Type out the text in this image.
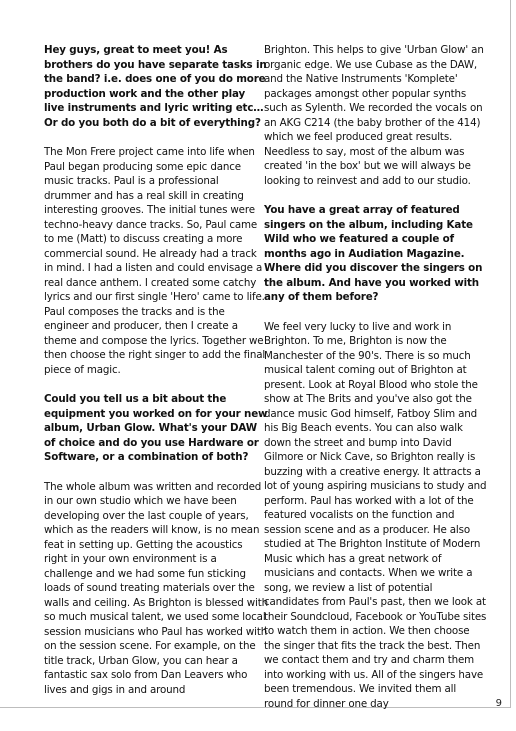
Hey guys, great to meet you! As brothers do you have separate tasks in the band? i.e. does one of you do more production work and the other play live instruments and lyric writing etc… Or do you both do a bit of everything?

The Mon Frere project came into life when Paul began producing some epic dance music tracks. Paul is a professional drummer and has a real skill in creating interesting grooves. The initial tunes were techno-heavy dance tracks. So, Paul came to me (Matt) to discuss creating a more commercial sound. He already had a track in mind. I had a listen and could envisage a real dance anthem. I created some catchy lyrics and our first single 'Hero' came to life. Paul composes the tracks and is the engineer and producer, then I create a theme and compose the lyrics. Together we then choose the right singer to add the final piece of magic.

Could you tell us a bit about the equipment you worked on for your new album, Urban Glow. What's your DAW of choice and do you use Hardware or Software, or a combination of both?

The whole album was written and recorded in our own studio which we have been developing over the last couple of years, which as the readers will know, is no mean feat in setting up. Getting the acoustics right in your own environment is a challenge and we had some fun sticking loads of sound treating materials over the walls and ceiling. As Brighton is blessed with so much musical talent, we used some local session musicians who Paul has worked with on the session scene. For example, on the title track, Urban Glow, you can hear a fantastic sax solo from Dan Leavers who lives and gigs in and around

Brighton. This helps to give 'Urban Glow' an organic edge. We use Cubase as the DAW, and the Native Instruments 'Komplete' packages amongst other popular synths such as Sylenth. We recorded the vocals on an AKG C214 (the baby brother of the 414) which we feel produced great results. Needless to say, most of the album was created 'in the box' but we will always be looking to reinvest and add to our studio.

You have a great array of featured singers on the album, including Kate Wild who we featured a couple of months ago in Audiation Magazine. Where did you discover the singers on the album. And have you worked with any of them before?

We feel very lucky to live and work in Brighton. To me, Brighton is now the Manchester of the 90's. There is so much musical talent coming out of Brighton at present. Look at Royal Blood who stole the show at The Brits and you've also got the dance music God himself, Fatboy Slim and his Big Beach events. You can also walk down the street and bump into David Gilmore or Nick Cave, so Brighton really is buzzing with a creative energy. It attracts a lot of young aspiring musicians to study and perform. Paul has worked with a lot of the featured vocalists on the function and session scene and as a producer. He also studied at The Brighton Institute of Modern Music which has a great network of musicians and contacts. When we write a song, we review a list of potential candidates from Paul's past, then we look at their Soundcloud, Facebook or YouTube sites to watch them in action. We then choose the singer that fits the track the best. Then we contact them and try and charm them into working with us. All of the singers have been tremendous. We invited them all round for dinner one day	9
